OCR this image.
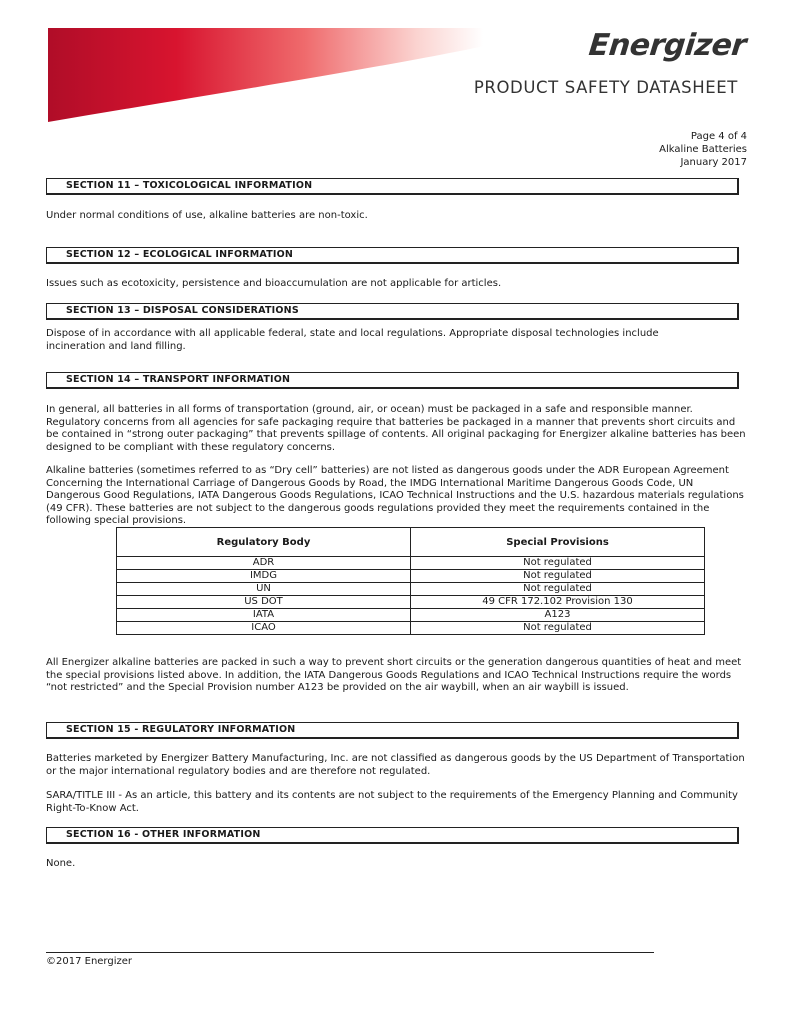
Energizer
PRODUCT SAFETY DATASHEET
Page 4 of 4
Alkaline Batteries
January 2017
SECTION 11 – TOXICOLOGICAL INFORMATION
Under normal conditions of use, alkaline batteries are non-toxic.
SECTION 12 – ECOLOGICAL INFORMATION
Issues such as ecotoxicity, persistence and bioaccumulation are not applicable for articles.
SECTION 13 – DISPOSAL CONSIDERATIONS
Dispose of in accordance with all applicable federal, state and local regulations. Appropriate disposal technologies include incineration and land filling.
SECTION 14 – TRANSPORT INFORMATION
In general, all batteries in all forms of transportation (ground, air, or ocean) must be packaged in a safe and responsible manner. Regulatory concerns from all agencies for safe packaging require that batteries be packaged in a manner that prevents short circuits and be contained in “strong outer packaging” that prevents spillage of contents. All original packaging for Energizer alkaline batteries has been designed to be compliant with these regulatory concerns.
Alkaline batteries (sometimes referred to as “Dry cell” batteries) are not listed as dangerous goods under the ADR European Agreement Concerning the International Carriage of Dangerous Goods by Road, the IMDG International Maritime Dangerous Goods Code, UN Dangerous Good Regulations, IATA Dangerous Goods Regulations, ICAO Technical Instructions and the U.S. hazardous materials regulations (49 CFR). These batteries are not subject to the dangerous goods regulations provided they meet the requirements contained in the following special provisions.
Regulatory Body	Special Provisions
ADR	Not regulated
IMDG	Not regulated
UN	Not regulated
US DOT	49 CFR 172.102 Provision 130
IATA	A123
ICAO	Not regulated
All Energizer alkaline batteries are packed in such a way to prevent short circuits or the generation dangerous quantities of heat and meet the special provisions listed above. In addition, the IATA Dangerous Goods Regulations and ICAO Technical Instructions require the words “not restricted” and the Special Provision number A123 be provided on the air waybill, when an air waybill is issued.
SECTION 15 - REGULATORY INFORMATION
Batteries marketed by Energizer Battery Manufacturing, Inc. are not classified as dangerous goods by the US Department of Transportation or the major international regulatory bodies and are therefore not regulated.
SARA/TITLE III - As an article, this battery and its contents are not subject to the requirements of the Emergency Planning and Community Right-To-Know Act.
SECTION 16 - OTHER INFORMATION
None.
©2017 Energizer
